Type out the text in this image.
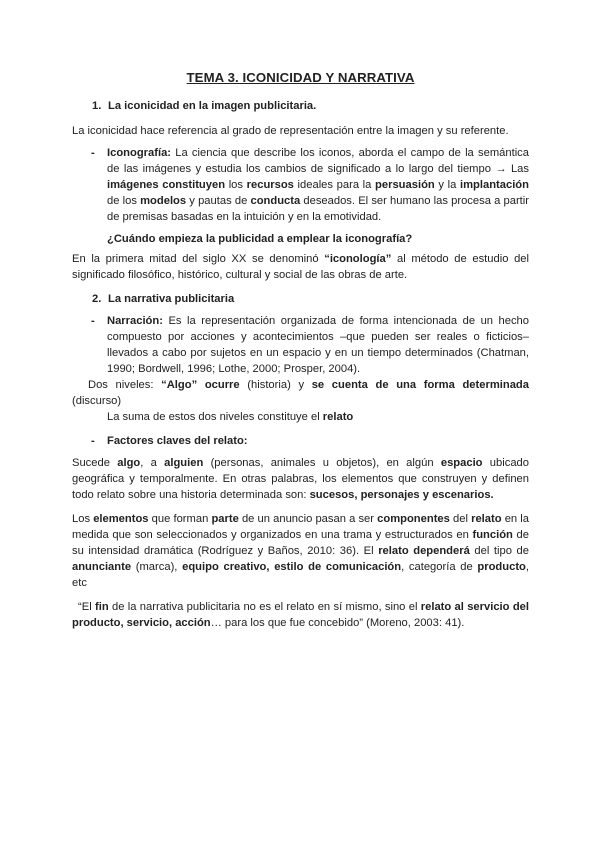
TEMA 3. ICONICIDAD Y NARRATIVA
1. La iconicidad en la imagen publicitaria.

La iconicidad hace referencia al grado de representación entre la imagen y su referente.

- Iconografía: La ciencia que describe los iconos, aborda el campo de la semántica de las imágenes y estudia los cambios de significado a lo largo del tiempo → Las imágenes constituyen los recursos ideales para la persuasión y la implantación de los modelos y pautas de conducta deseados. El ser humano las procesa a partir de premisas basadas en la intuición y en la emotividad.
¿Cuándo empieza la publicidad a emplear la iconografía?

En la primera mitad del siglo XX se denominó “iconología” al método de estudio del significado filosófico, histórico, cultural y social de las obras de arte.

2. La narrativa publicitaria
- Narración: Es la representación organizada de forma intencionada de un hecho compuesto por acciones y acontecimientos –que pueden ser reales o ficticios– llevados a cabo por sujetos en un espacio y en un tiempo determinados (Chatman, 1990; Bordwell, 1996; Lothe, 2000; Prosper, 2004).

Dos niveles: “Algo” ocurre (historia) y se cuenta de una forma determinada (discurso)

La suma de estos dos niveles constituye el relato

- Factores claves del relato:

Sucede algo, a alguien (personas, animales u objetos), en algún espacio ubicado geográfica y temporalmente. En otras palabras, los elementos que construyen y definen todo relato sobre una historia determinada son: sucesos, personajes y escenarios.

Los elementos que forman parte de un anuncio pasan a ser componentes del relato en la medida que son seleccionados y organizados en una trama y estructurados en función de su intensidad dramática (Rodríguez y Baños, 2010: 36). El relato dependerá del tipo de anunciante (marca), equipo creativo, estilo de comunicación, categoría de producto, etc

“El fin de la narrativa publicitaria no es el relato en sí mismo, sino el relato al servicio del producto, servicio, acción… para los que fue concebido” (Moreno, 2003: 41).
